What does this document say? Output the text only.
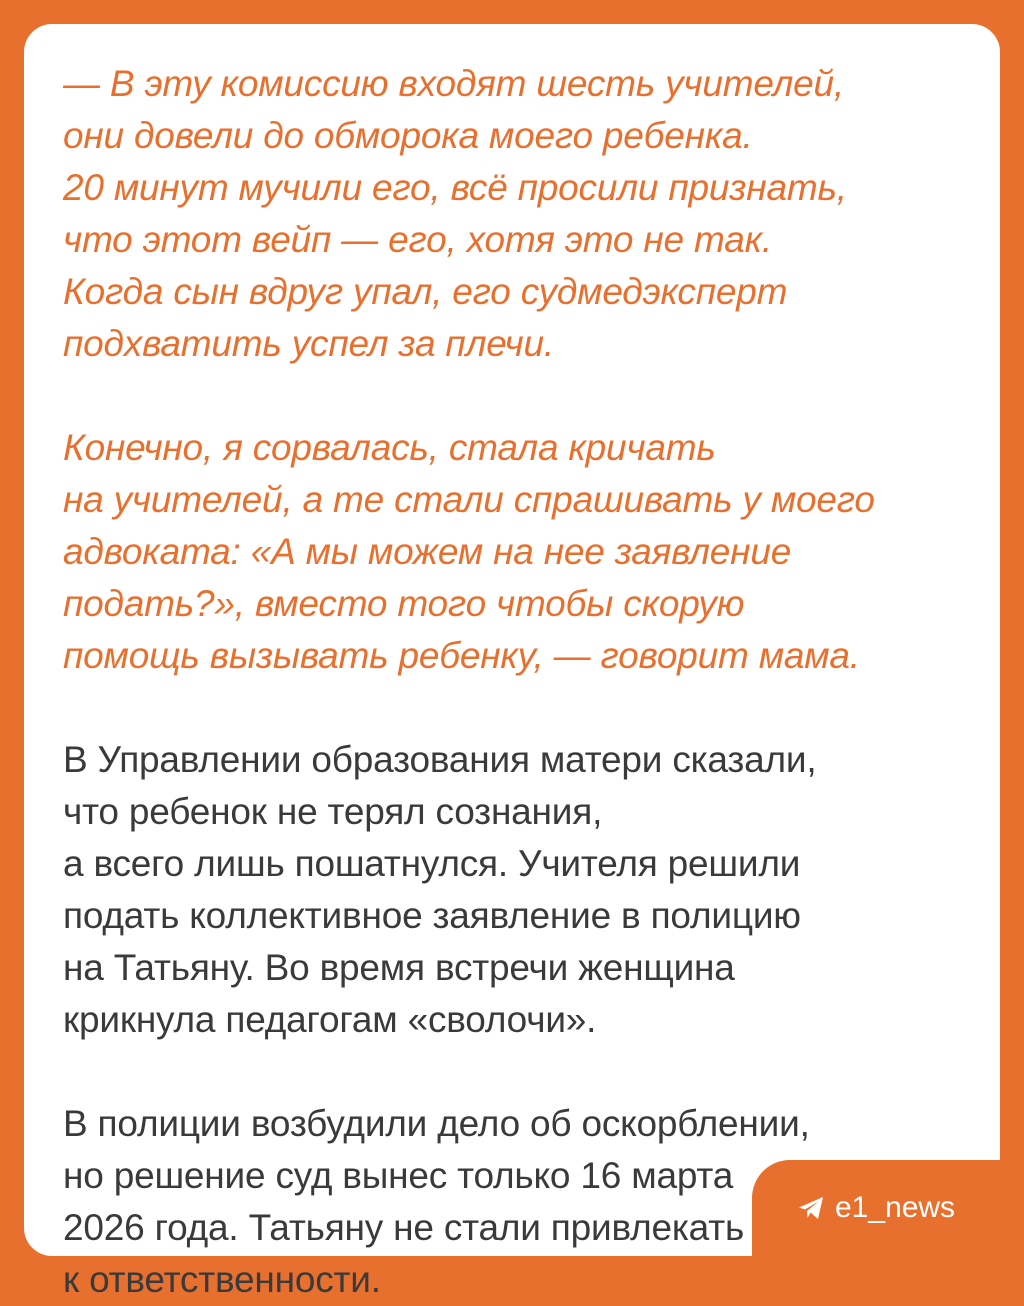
— В эту комиссию входят шесть учителей,
они довели до обморока моего ребенка.
20 минут мучили его, всё просили признать,
что этот вейп — его, хотя это не так.
Когда сын вдруг упал, его судмедэксперт
подхватить успел за плечи.

Конечно, я сорвалась, стала кричать
на учителей, а те стали спрашивать у моего
адвоката: «А мы можем на нее заявление
подать?», вместо того чтобы скорую
помощь вызывать ребенку, — говорит мама.

В Управлении образования матери сказали,
что ребенок не терял сознания,
а всего лишь пошатнулся. Учителя решили
подать коллективное заявление в полицию
на Татьяну. Во время встречи женщина
крикнула педагогам «сволочи».

В полиции возбудили дело об оскорблении,
но решение суд вынес только 16 марта
2026 года. Татьяну не стали привлекать
к ответственности.

e1_news
